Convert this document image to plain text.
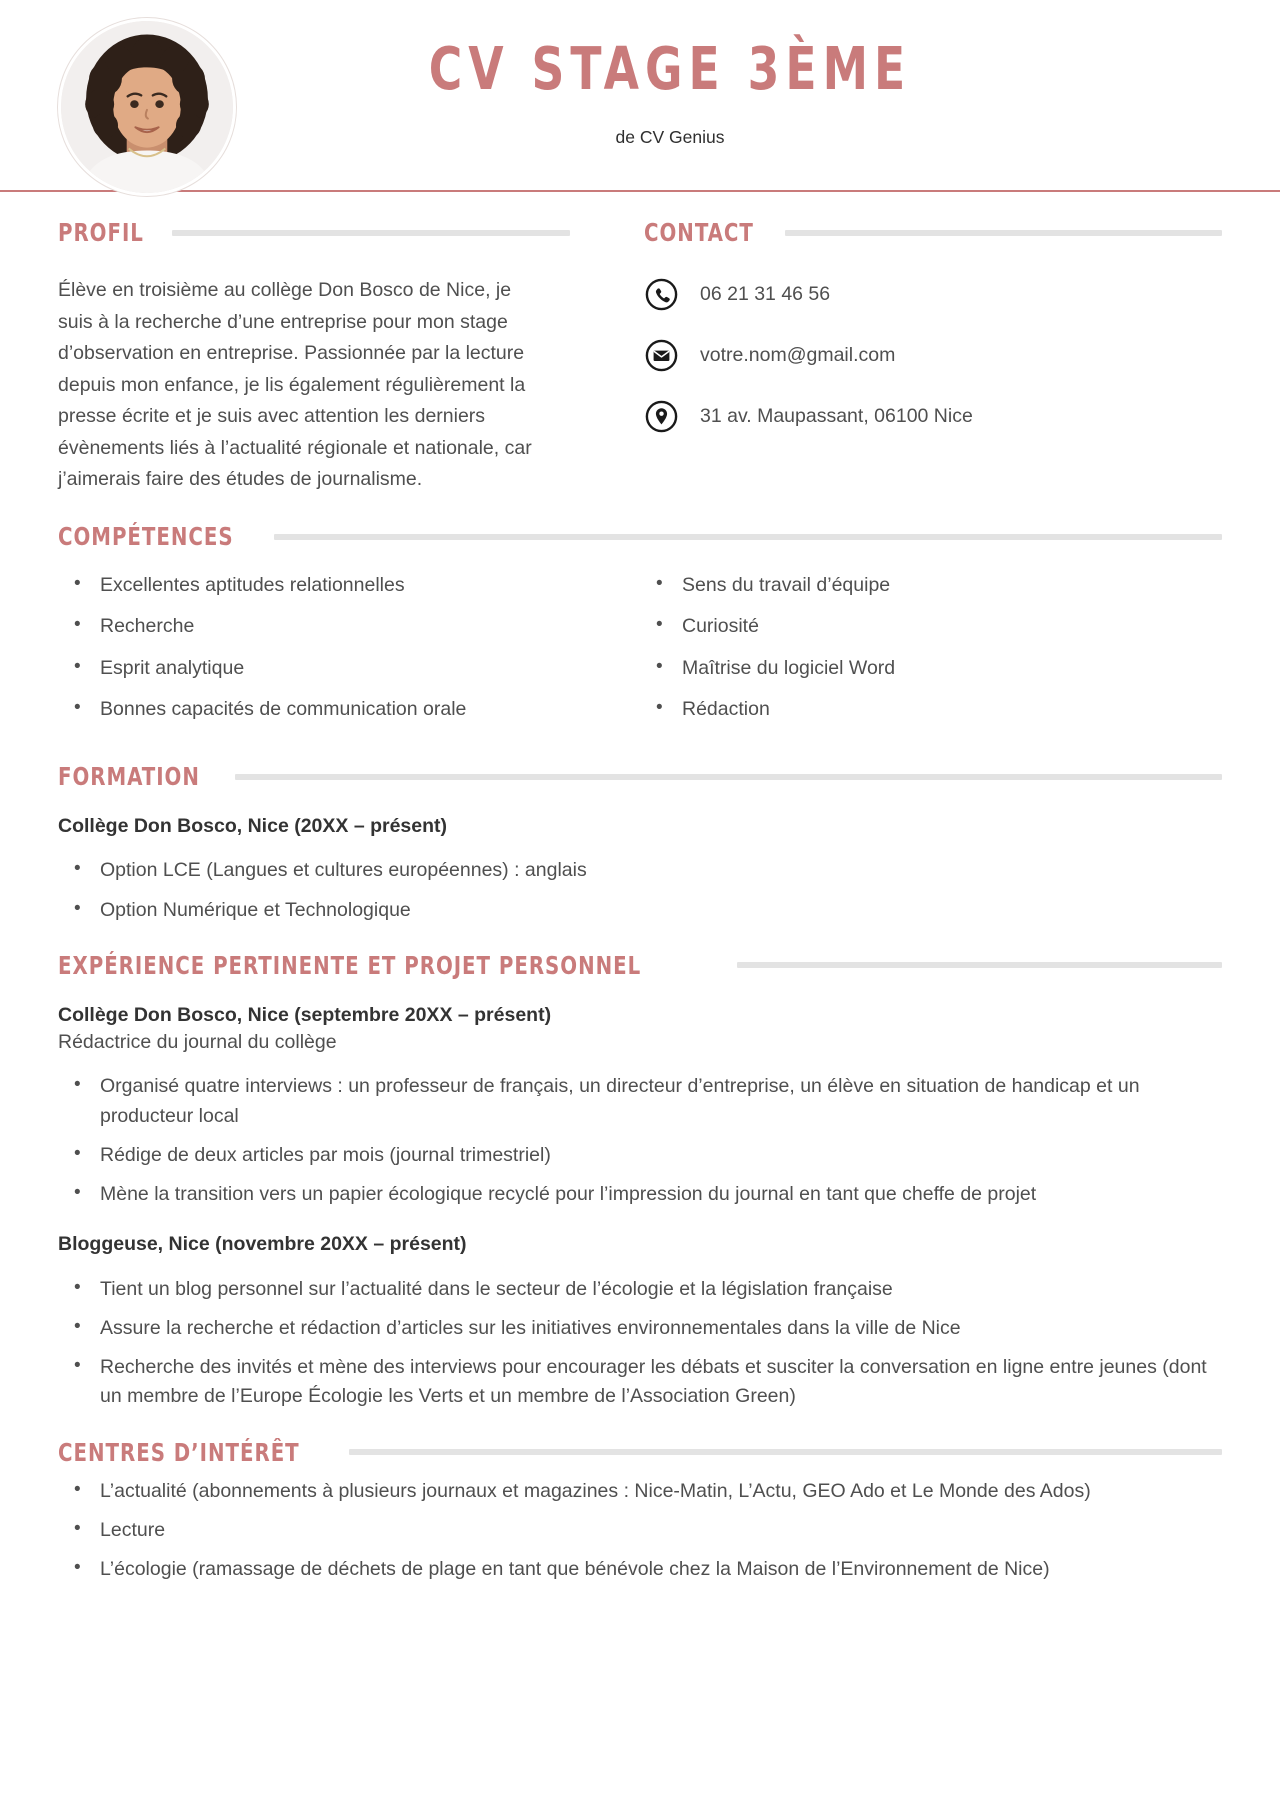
CV STAGE 3ÈME
de CV Genius
PROFIL

Élève en troisième au collège Don Bosco de Nice, je suis à la recherche d’une entreprise pour mon stage d’observation en entreprise. Passionnée par la lecture depuis mon enfance, je lis également régulièrement la presse écrite et je suis avec attention les derniers évènements liés à l’actualité régionale et nationale, car j’aimerais faire des études de journalisme.

CONTACT
06 21 31 46 56
votre.nom@gmail.com
31 av. Maupassant, 06100 Nice
COMPÉTENCES
• Excellentes aptitudes relationnelles
• Recherche
• Esprit analytique
• Bonnes capacités de communication orale
• Sens du travail d’équipe
• Curiosité
• Maîtrise du logiciel Word
• Rédaction
FORMATION
Collège Don Bosco, Nice (20XX – présent)
• Option LCE (Langues et cultures européennes) : anglais
• Option Numérique et Technologique
EXPÉRIENCE PERTINENTE ET PROJET PERSONNEL
Collège Don Bosco, Nice (septembre 20XX – présent)
Rédactrice du journal du collège
• Organisé quatre interviews : un professeur de français, un directeur d’entreprise, un élève en situation de handicap et un producteur local
• Rédige de deux articles par mois (journal trimestriel)
• Mène la transition vers un papier écologique recyclé pour l’impression du journal en tant que cheffe de projet
Bloggeuse, Nice (novembre 20XX – présent)
• Tient un blog personnel sur l’actualité dans le secteur de l’écologie et la législation française
• Assure la recherche et rédaction d’articles sur les initiatives environnementales dans la ville de Nice
• Recherche des invités et mène des interviews pour encourager les débats et susciter la conversation en ligne entre jeunes (dont un membre de l’Europe Écologie les Verts et un membre de l’Association Green)
CENTRES D’INTÉRÊT
• L’actualité (abonnements à plusieurs journaux et magazines : Nice-Matin, L’Actu, GEO Ado et Le Monde des Ados)
• Lecture
• L’écologie (ramassage de déchets de plage en tant que bénévole chez la Maison de l’Environnement de Nice)
